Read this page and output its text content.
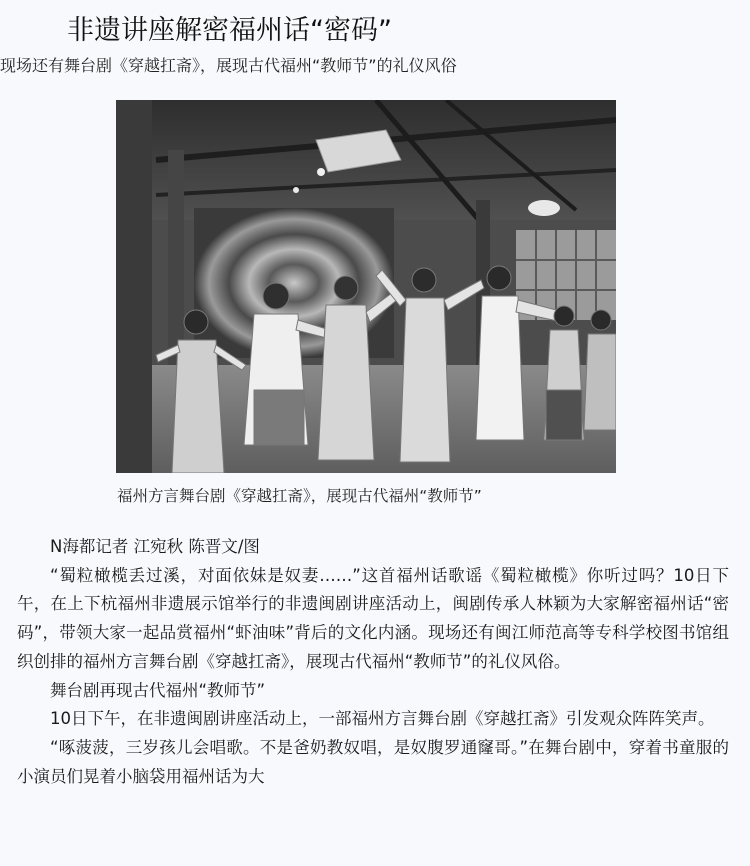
非遗讲座解密福州话“密码”
现场还有舞台剧《穿越扛斋》，展现古代福州“教师节”的礼仪风俗
福州方言舞台剧《穿越扛斋》，展现古代福州“教师节”

N海都记者 江宛秋 陈晋文/图

“蜀粒橄榄丢过溪，对面依妹是奴妻……”这首福州话歌谣《蜀粒橄榄》你听过吗？10日下午，在上下杭福州非遗展示馆举行的非遗闽剧讲座活动上，闽剧传承人林颖为大家解密福州话“密码”，带领大家一起品赏福州“虾油味”背后的文化内涵。现场还有闽江师范高等专科学校图书馆组织创排的福州方言舞台剧《穿越扛斋》，展现古代福州“教师节”的礼仪风俗。

舞台剧再现古代福州“教师节”

10日下午，在非遗闽剧讲座活动上，一部福州方言舞台剧《穿越扛斋》引发观众阵阵笑声。

“啄菠菠，三岁孩儿会唱歌。不是爸奶教奴唱，是奴腹罗通窿哥。”在舞台剧中，穿着书童服的小演员们晃着小脑袋用福州话为大
